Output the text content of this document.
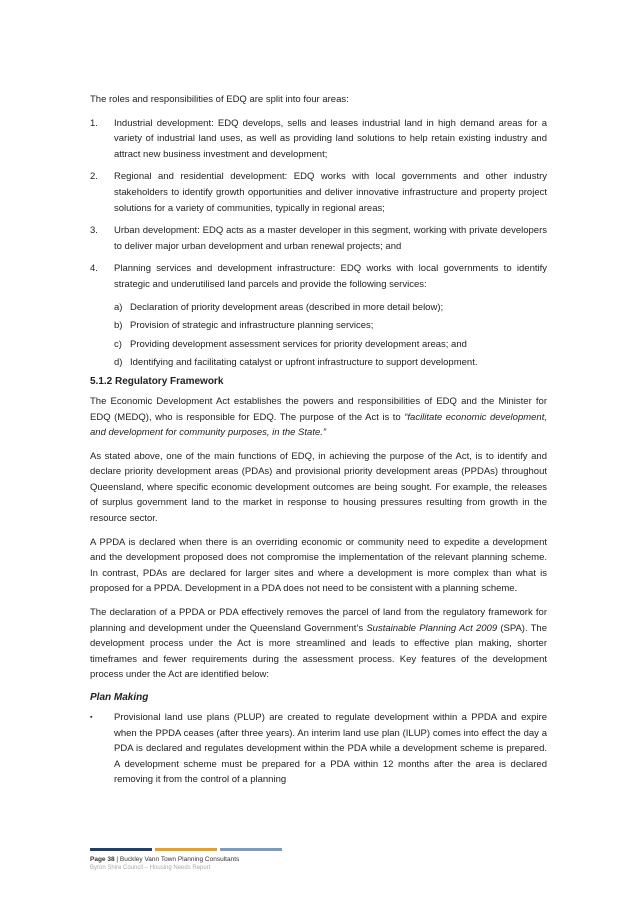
The roles and responsibilities of EDQ are split into four areas:

1.	Industrial development: EDQ develops, sells and leases industrial land in high demand areas for a variety of industrial land uses, as well as providing land solutions to help retain existing industry and attract new business investment and development;
2.	Regional and residential development: EDQ works with local governments and other industry stakeholders to identify growth opportunities and deliver innovative infrastructure and property project solutions for a variety of communities, typically in regional areas;
3.	Urban development: EDQ acts as a master developer in this segment, working with private developers to deliver major urban development and urban renewal projects; and
4.	Planning services and development infrastructure: EDQ works with local governments to identify strategic and underutilised land parcels and provide the following services:
a) Declaration of priority development areas (described in more detail below);
b) Provision of strategic and infrastructure planning services;
c) Providing development assessment services for priority development areas; and
d) Identifying and facilitating catalyst or upfront infrastructure to support development.
5.1.2 Regulatory Framework

The Economic Development Act establishes the powers and responsibilities of EDQ and the Minister for EDQ (MEDQ), who is responsible for EDQ. The purpose of the Act is to “facilitate economic development, and development for community purposes, in the State.”

As stated above, one of the main functions of EDQ, in achieving the purpose of the Act, is to identify and declare priority development areas (PDAs) and provisional priority development areas (PPDAs) throughout Queensland, where specific economic development outcomes are being sought. For example, the releases of surplus government land to the market in response to housing pressures resulting from growth in the resource sector.

A PPDA is declared when there is an overriding economic or community need to expedite a development and the development proposed does not compromise the implementation of the relevant planning scheme. In contrast, PDAs are declared for larger sites and where a development is more complex than what is proposed for a PPDA. Development in a PDA does not need to be consistent with a planning scheme.

The declaration of a PPDA or PDA effectively removes the parcel of land from the regulatory framework for planning and development under the Queensland Government’s Sustainable Planning Act 2009 (SPA). The development process under the Act is more streamlined and leads to effective plan making, shorter timeframes and fewer requirements during the assessment process. Key features of the development process under the Act are identified below:

Plan Making
▪	Provisional land use plans (PLUP) are created to regulate development within a PPDA and expire when the PPDA ceases (after three years). An interim land use plan (ILUP) comes into effect the day a PDA is declared and regulates development within the PDA while a development scheme is prepared. A development scheme must be prepared for a PDA within 12 months after the area is declared removing it from the control of a planning
Page 38 | Buckley Vann Town Planning Consultants
Byron Shire Council – Housing Needs Report
